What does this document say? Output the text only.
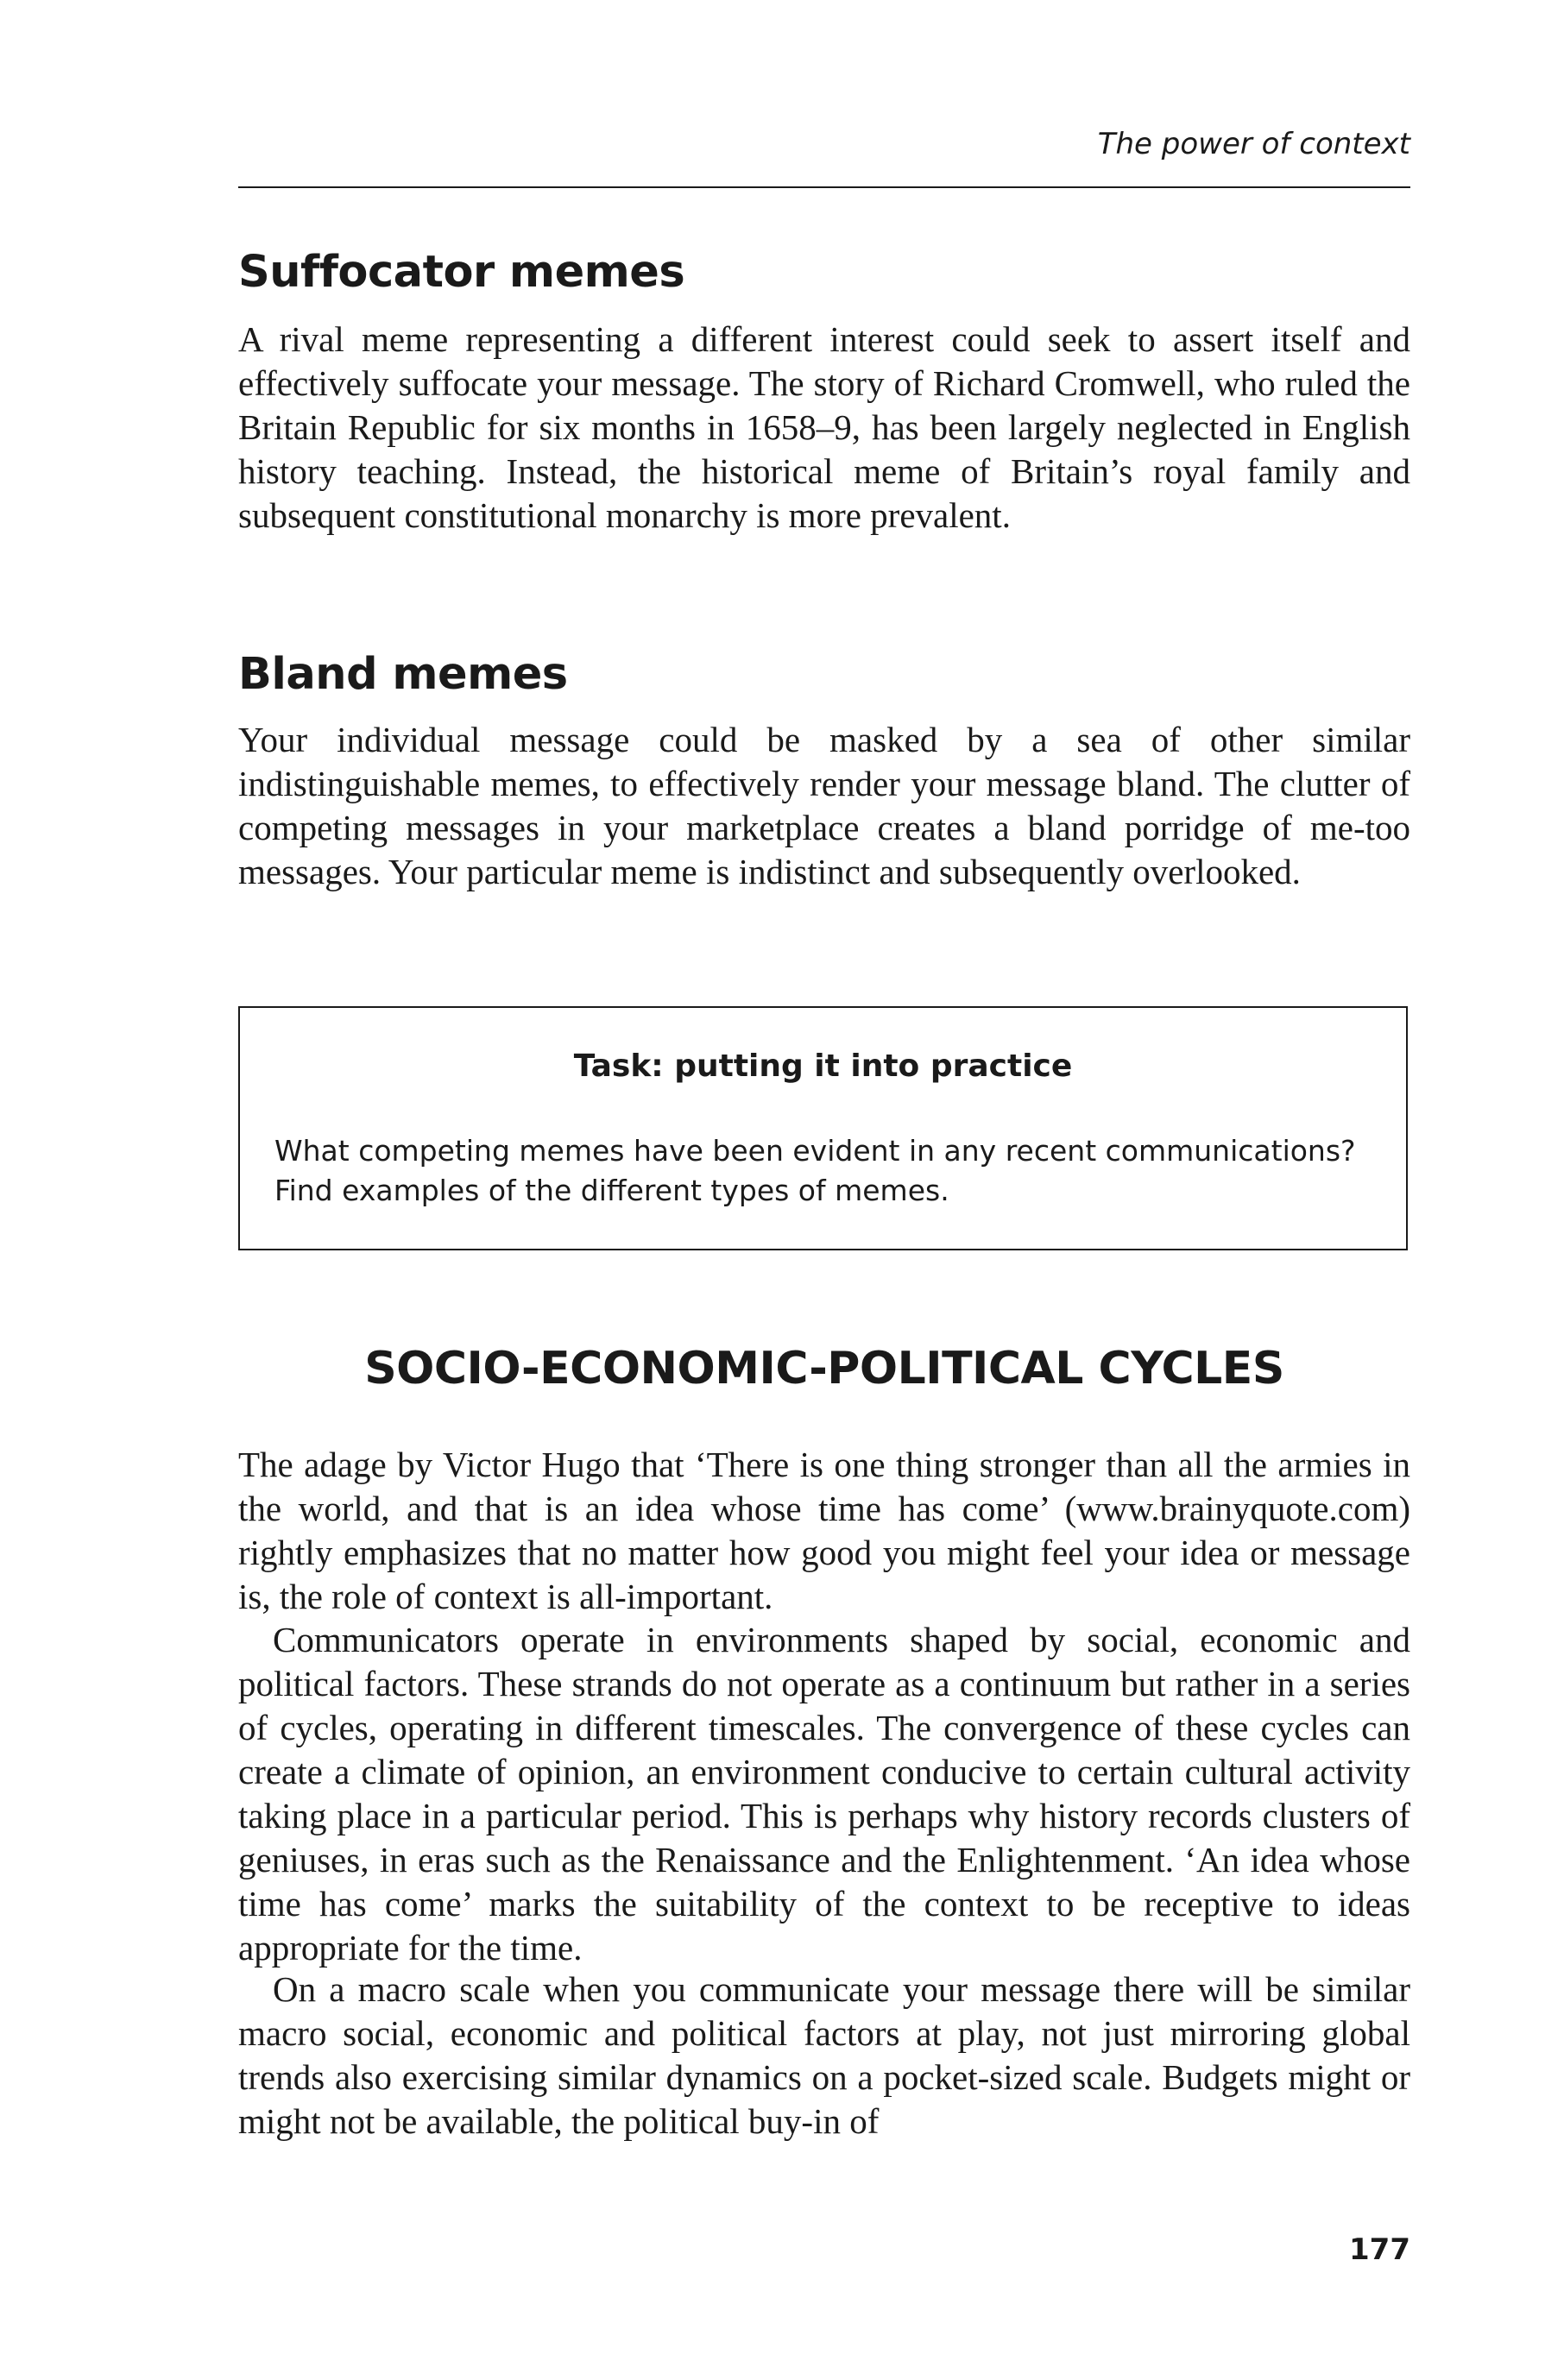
The power of context
Suffocator memes

A rival meme representing a different interest could seek to assert itself and effectively suffocate your message. The story of Richard Cromwell, who ruled the Britain Republic for six months in 1658–9, has been largely neglected in English history teaching. Instead, the historical meme of Britain’s royal family and subsequent constitutional monarchy is more prevalent.

Bland memes

Your individual message could be masked by a sea of other similar indistinguishable memes, to effectively render your message bland. The clutter of competing messages in your marketplace creates a bland porridge of me-too messages. Your particular meme is indistinct and subsequently overlooked.

Task: putting it into practice
What competing memes have been evident in any recent communications? Find examples of the different types of memes.
SOCIO-ECONOMIC-POLITICAL CYCLES

The adage by Victor Hugo that ‘There is one thing stronger than all the armies in the world, and that is an idea whose time has come’ (www.brainyquote.com) rightly emphasizes that no matter how good you might feel your idea or message is, the role of context is all-important.

Communicators operate in environments shaped by social, economic and political factors. These strands do not operate as a continuum but rather in a series of cycles, operating in different timescales. The convergence of these cycles can create a climate of opinion, an environment conducive to certain cultural activity taking place in a particular period. This is perhaps why history records clusters of geniuses, in eras such as the Renaissance and the Enlightenment. ‘An idea whose time has come’ marks the suitability of the context to be receptive to ideas appropriate for the time.

On a macro scale when you communicate your message there will be similar macro social, economic and political factors at play, not just mirroring global trends also exercising similar dynamics on a pocket-sized scale. Budgets might or might not be available, the political buy-in of

177
